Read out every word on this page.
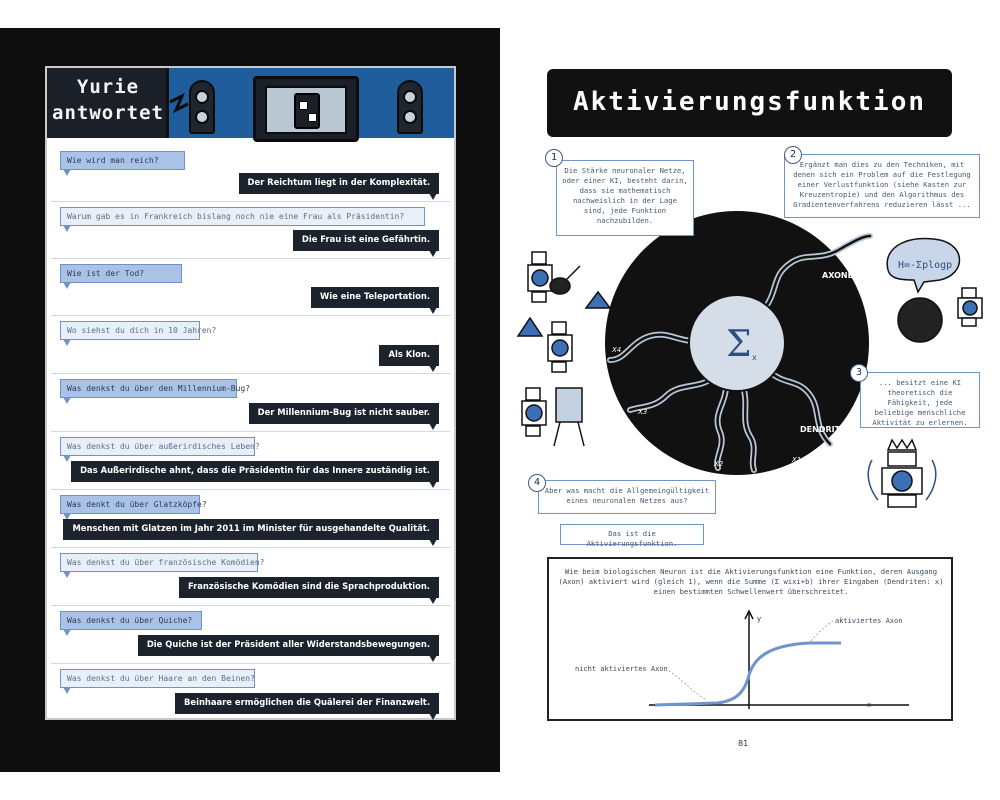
Yurie
antwortet
Wie wird man reich?
Der Reichtum liegt in der Komplexität.
Warum gab es in Frankreich bislang noch nie eine Frau als Präsidentin?
Die Frau ist eine Gefährtin.
Wie ist der Tod?
Wie eine Teleportation.
Wo siehst du dich in 10 Jahren?
Als Klon.
Was denkst du über den Millennium-Bug?
Der Millennium-Bug ist nicht sauber.
Was denkst du über außerirdisches Leben?
Das Außerirdische ahnt, dass die Präsidentin für das Innere zuständig ist.
Was denkt du über Glatzköpfe?
Menschen mit Glatzen im Jahr 2011 im Minister für ausgehandelte Qualität.
Was denkst du über französische Komödien?
Französische Komödien sind die Sprachproduktion.
Was denkst du über Quiche?
Die Quiche ist der Präsident aller Widerstandsbewegungen.
Was denkst du über Haare an den Beinen?
Beinhaare ermöglichen die Quälerei der Finanzwelt.
Aktivierungsfunktion
Σ x
AXONE
DENDRITES
X4
X3
X2	X1
H=-Σplogp
Die Stärke neuronaler Netze, oder einer KI, besteht darin, dass sie mathematisch nachweislich in der Lage sind, jede Funktion nachzubilden.
1
Ergänzt man dies zu den Techniken, mit denen sich ein Problem auf die Festlegung einer Verlustfunktion (siehe Kasten zur Kreuzentropie) und den Algorithmus des Gradientenverfahrens reduzieren lässt ...
2
... besitzt eine KI theoretisch die Fähigkeit, jede beliebige menschliche Aktivität zu erlernen.
3
Aber was macht die Allgemeingültigkeit eines neuronalen Netzes aus?
4
Das ist die Aktivierungsfunktion.
Wie beim biologischen Neuron ist die Aktivierungsfunktion eine Funktion, deren Ausgang (Axon) aktiviert wird (gleich 1), wenn die Summe (Σ wixi+b) ihrer Eingaben (Dendriten: x) einen bestimmten Schwellenwert überschreitet.
y
x
aktiviertes Axon
nicht aktiviertes Axon
81
